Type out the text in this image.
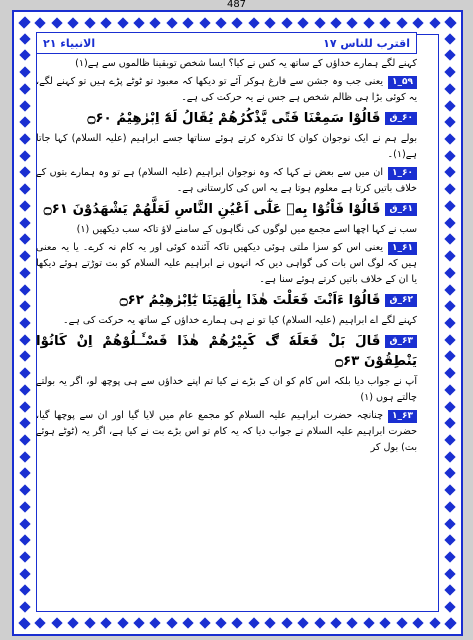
487
اقترب للناس ۱۷
الانبیاء ۲۱
کہنے لگے ہمارے خداؤں کے ساتھ یہ کس نے کیا؟ ایسا شخص توبقینا ظالموں سے ہے(۱)
۵۹_۱یعنی جب وہ جشن سے فارغ ہوکر آئے تو دیکھا کہ معبود تو ٹوٹے پڑے ہیں تو کہنے لگے، یہ کوئی بڑا ہی ظالم شخص ہے جس نے یہ حرکت کی ہے۔
۶۰_ققَالُوْا سَمِعْنَا فَتًى يَّذْكُرُهُمْ يُقَالُ لَهٗٓ اِبْرٰهِيْمُ ۝۶۰
بولے ہم نے ایک نوجوان کوان کا تذکرہ کرتے ہوئے سناتھا جسے ابراہیم (علیہ السلام) کہا جاتا ہے(۱)۔
۶۰_۱ان میں سے بعض نے کہا کہ وہ نوجوان ابراہیم (علیہ السلام) ہے تو وہ ہمارے بتوں کے خلاف باتیں کرتا ہے معلوم ہوتا ہے یہ اس کی کارستانی ہے۔
۶۱_ققَالُوْا فَاْتُوْا بِهٖ عَلٰٓى اَعْيُنِ النَّاسِ لَعَلَّهُمْ يَشْهَدُوْنَ ۝۶۱
سب نے کہا اچھا اسے مجمع میں لوگوں کی نگاہوں کے سامنے لاؤ تاکہ سب دیکھیں (۱)
۶۱_۱یعنی اس کو سزا ملتی ہوئی دیکھیں تاکہ آئندہ کوئی اور یہ کام نہ کرے۔ یا یہ معنی ہیں کہ لوگ اس بات کی گواہی دیں کہ انہوں نے ابراہیم علیہ السلام کو بت توڑتے ہوئے دیکھا یا ان کے خلاف باتیں کرتے ہوئے سنا ہے۔
۶۲_ققَالُوْٓا ءَاَنْتَ فَعَلْتَ هٰذَا بِاٰلِهَتِنَا يٰٓاِبْرٰهِيْمُ ۝۶۲
کہنے لگے اے ابراہیم (علیہ السلام) کیا تو نے ہی ہمارے خداؤں کے ساتھ یہ حرکت کی ہے۔
۶۳_ققَالَ بَلْ فَعَلَهٗ ڰ كَبِيْرُهُمْ هٰذَا فَسْـَٔـلُوْهُمْ اِنْ كَانُوْا يَنْطِقُوْنَ ۝۶۳
آپ نے جواب دیا بلکہ اس کام کو ان کے بڑے نے کیا تم اپنے خداؤں سے ہی پوچھ لو، اگر یہ بولتے چالتے ہوں (۱)
۶۳_۱چنانچہ حضرت ابراہیم علیہ السلام کو مجمع عام میں لایا گیا اور ان سے پوچھا گیا، حضرت ابراہیم علیہ السلام نے جواب دیا کہ یہ کام تو اس بڑے بت نے کیا ہے، اگر یہ (ٹوٹے ہوئے بت) بول کر
